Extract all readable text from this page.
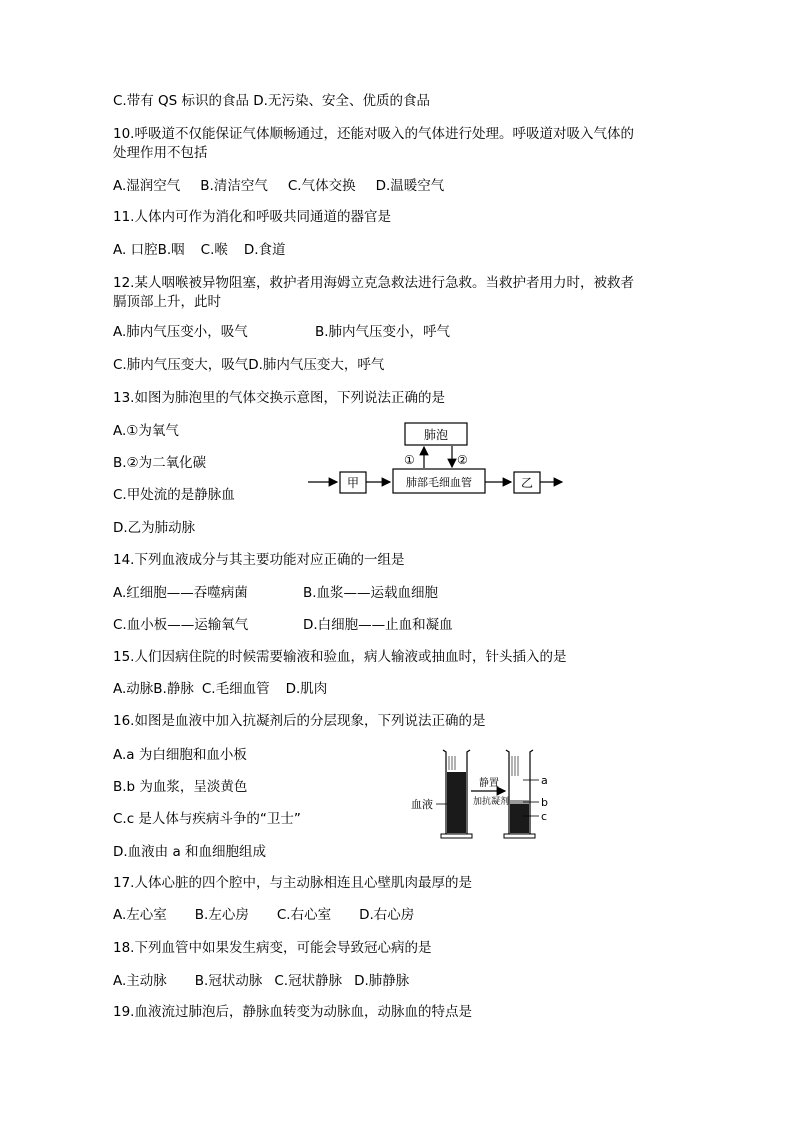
C.带有 QS 标识的食品 D.无污染、安全、优质的食品
10.呼吸道不仅能保证气体顺畅通过，还能对吸入的气体进行处理。呼吸道对吸入气体的
处理作用不包括
A.湿润空气 B.清洁空气 C.气体交换 D.温暖空气
11.人体内可作为消化和呼吸共同通道的器官是
A. 口腔B.咽 C.喉 D.食道
12.某人咽喉被异物阻塞，救护者用海姆立克急救法进行急救。当救护者用力时，被救者
膈顶部上升，此时
A.肺内气压变小，吸气	B.肺内气压变小，呼气
C.肺内气压变大，吸气D.肺内气压变大，呼气
13.如图为肺泡里的气体交换示意图，下列说法正确的是
A.①为氧气
B.②为二氧化碳
C.甲处流的是静脉血
D.乙为肺动脉
肺泡
①	②
甲	肺部毛细血管	乙
14.下列血液成分与其主要功能对应正确的一组是
A.红细胞——吞噬病菌	B.血浆——运载血细胞
C.血小板——运输氧气	D.白细胞——止血和凝血
15.人们因病住院的时候需要输液和验血，病人输液或抽血时，针头插入的是
A.动脉B.静脉 C.毛细血管 D.肌肉
16.如图是血液中加入抗凝剂后的分层现象，下列说法正确的是
A.a 为白细胞和血小板
B.b 为血浆，呈淡黄色
C.c 是人体与疾病斗争的“卫士”
D.血液由 a 和血细胞组成
血液
静置
加抗凝剂
a
b
c
17.人体心脏的四个腔中，与主动脉相连且心壁肌肉最厚的是
A.左心室 B.左心房 C.右心室 D.右心房
18.下列血管中如果发生病变，可能会导致冠心病的是
A.主动脉 B.冠状动脉 C.冠状静脉 D.肺静脉
19.血液流过肺泡后，静脉血转变为动脉血，动脉血的特点是
